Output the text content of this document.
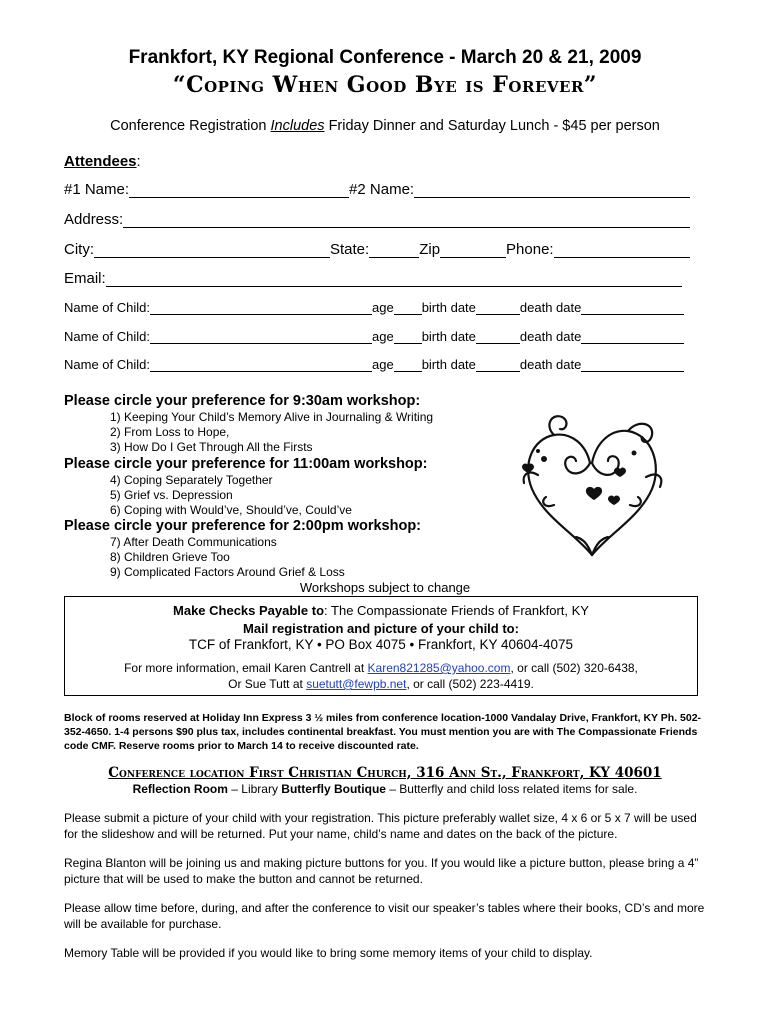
Frankfort, KY Regional Conference - March 20 & 21, 2009
“Coping When Good Bye is Forever”
Conference Registration Includes Friday Dinner and Saturday Lunch - $45 per person
Attendees:
#1 Name:	#2 Name:
Address:
City:	State:	Zip	Phone:
Email:
Name of Child:	age birth date	death date
Name of Child:	age birth date	death date
Name of Child:	age birth date	death date
Please circle your preference for 9:30am workshop:
1) Keeping Your Child’s Memory Alive in Journaling & Writing
2) From Loss to Hope,
3) How Do I Get Through All the Firsts
Please circle your preference for 11:00am workshop:
4) Coping Separately Together
5) Grief vs. Depression
6) Coping with Would’ve, Should’ve, Could’ve
Please circle your preference for 2:00pm workshop:
7) After Death Communications
8) Children Grieve Too
9) Complicated Factors Around Grief & Loss
Workshops subject to change
Make Checks Payable to: The Compassionate Friends of Frankfort, KY
Mail registration and picture of your child to:
TCF of Frankfort, KY • PO Box 4075 • Frankfort, KY 40604-4075
For more information, email Karen Cantrell at Karen821285@yahoo.com, or call (502) 320-6438,
Or Sue Tutt at suetutt@fewpb.net, or call (502) 223-4419.
Block of rooms reserved at Holiday Inn Express 3 ½ miles from conference location-1000 Vandalay Drive, Frankfort, KY Ph. 502-352-4650. 1-4 persons $90 plus tax, includes continental breakfast. You must mention you are with The Compassionate Friends code CMF. Reserve rooms prior to March 14 to receive discounted rate.
Conference location First Christian Church, 316 Ann St., Frankfort, KY 40601
Reflection Room – Library Butterfly Boutique – Butterfly and child loss related items for sale.
Please submit a picture of your child with your registration. This picture preferably wallet size, 4 x 6 or 5 x 7 will be used for the slideshow and will be returned. Put your name, child’s name and dates on the back of the picture.
Regina Blanton will be joining us and making picture buttons for you. If you would like a picture button, please bring a 4” picture that will be used to make the button and cannot be returned.
Please allow time before, during, and after the conference to visit our speaker’s tables where their books, CD’s and more will be available for purchase.
Memory Table will be provided if you would like to bring some memory items of your child to display.
